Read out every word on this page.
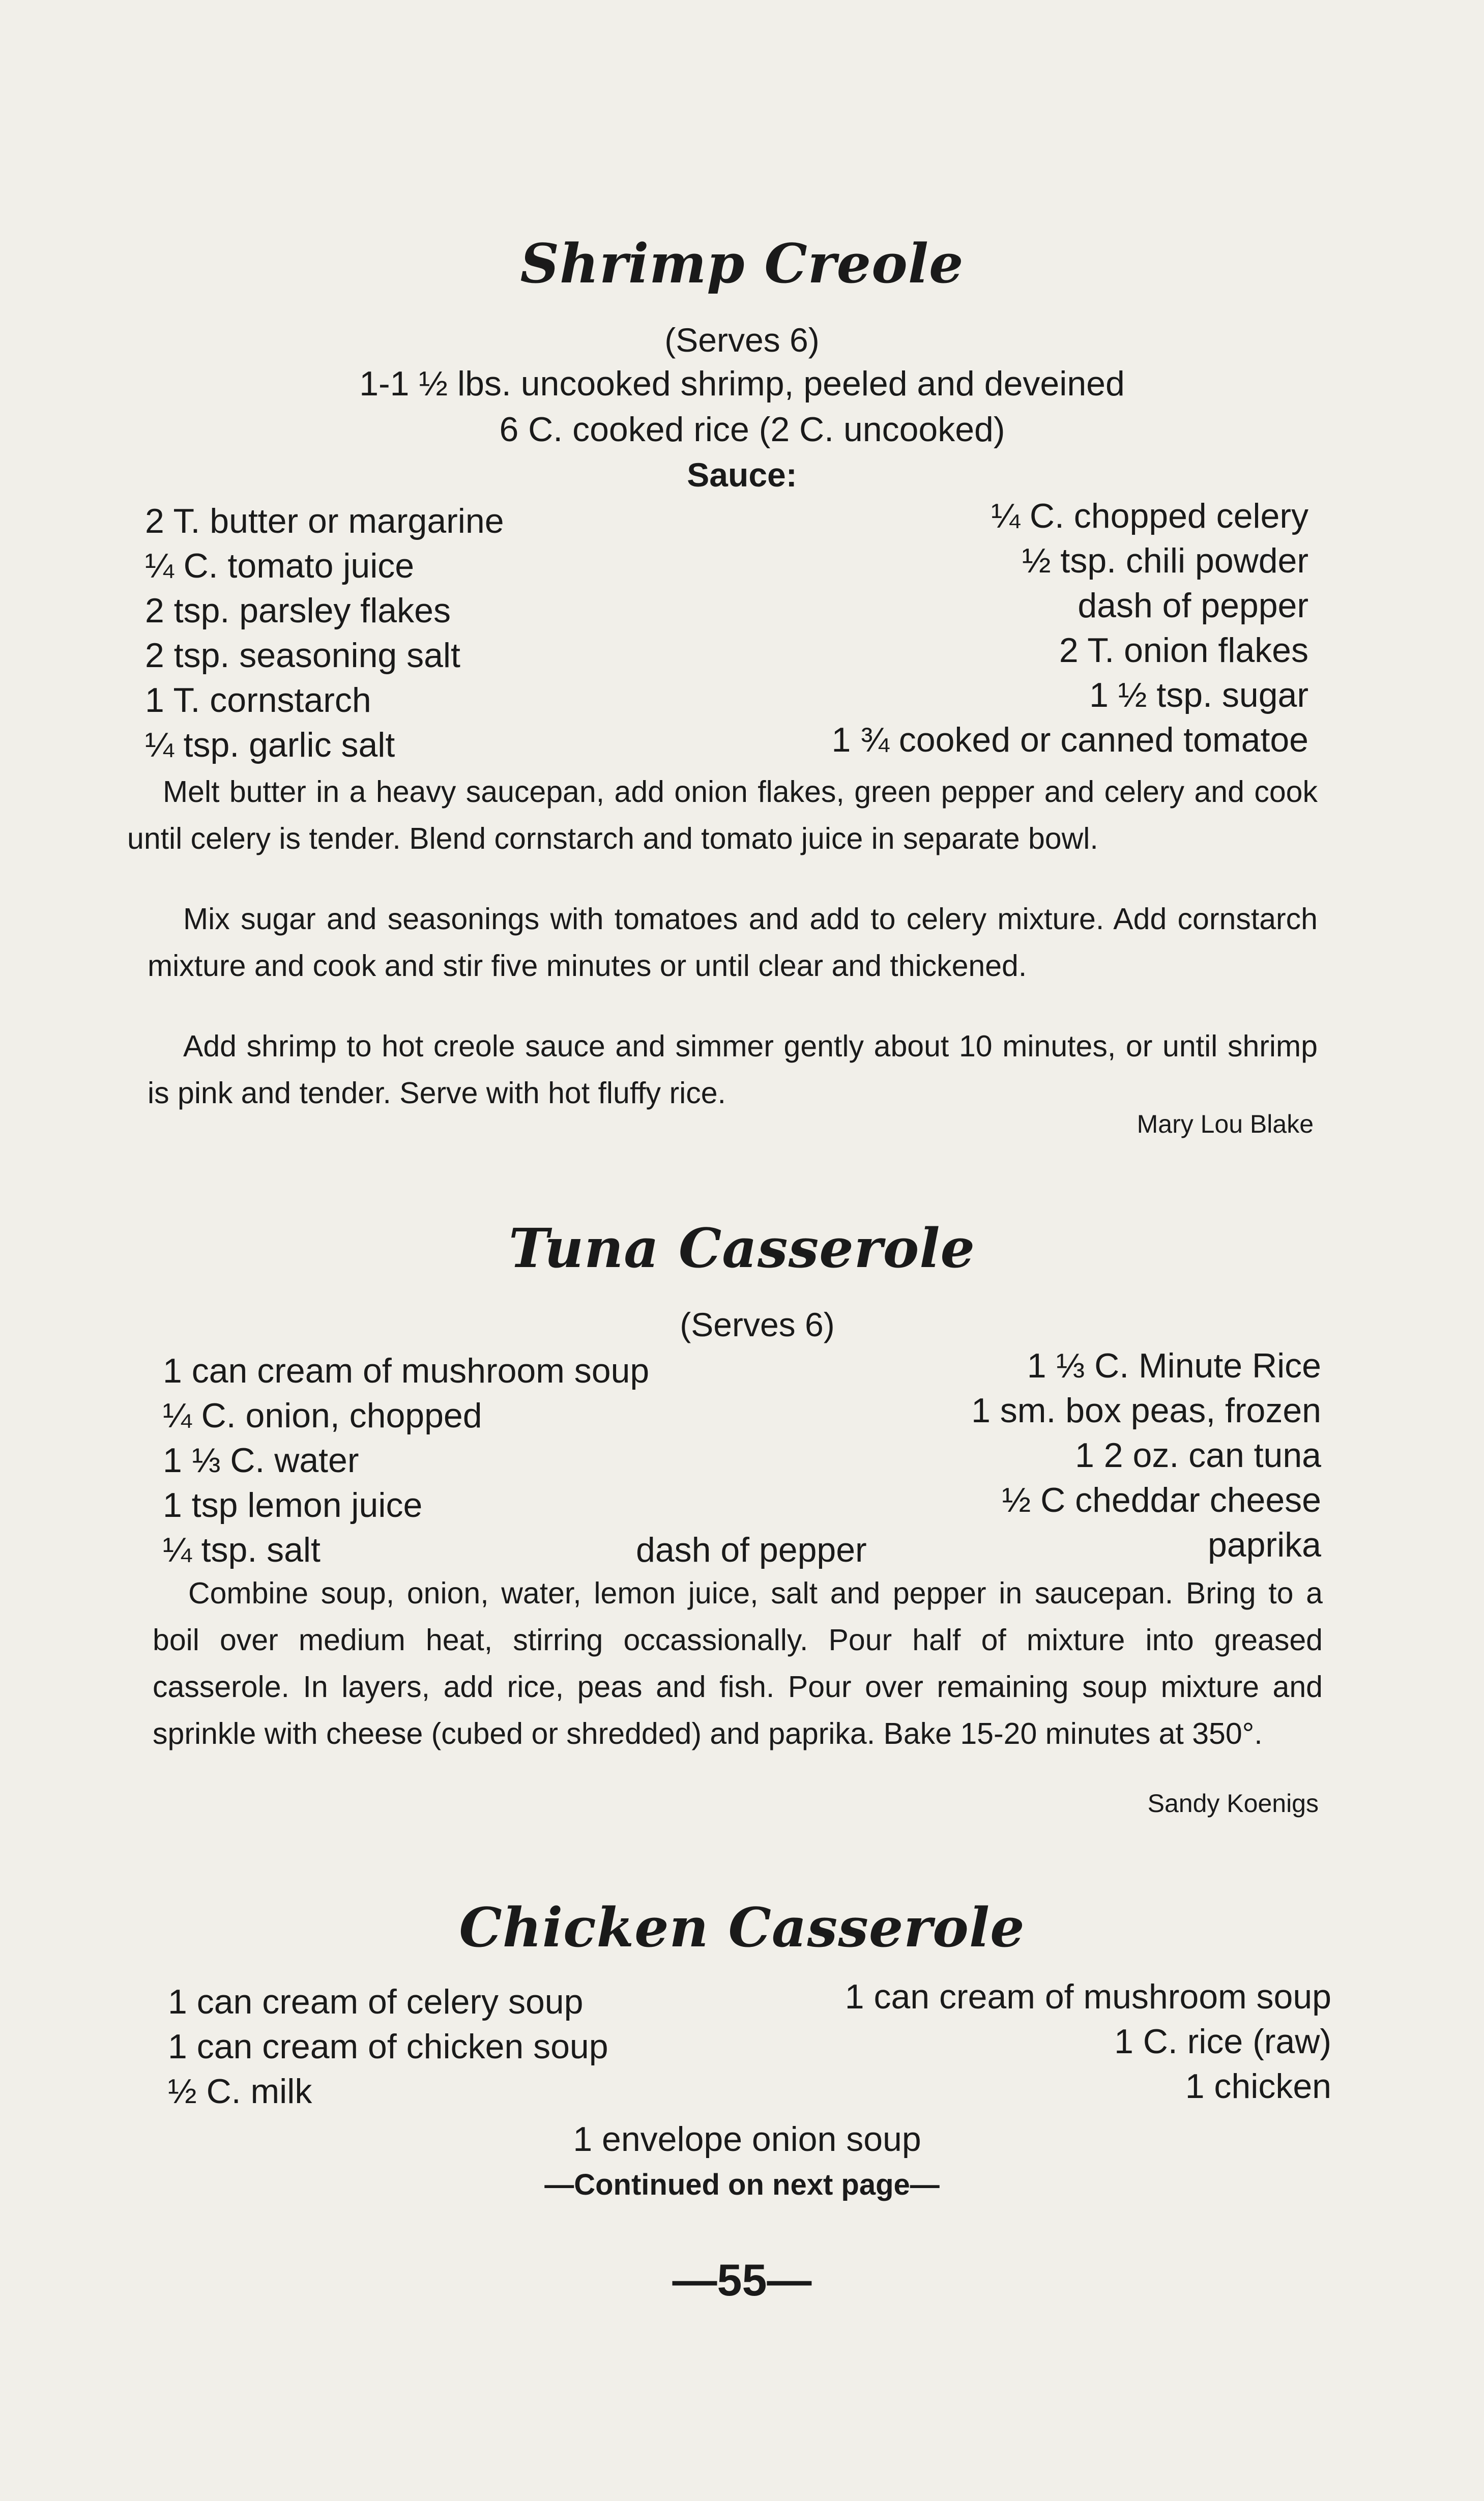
Shrimp Creole
(Serves 6)
1-1 ½ lbs. uncooked shrimp, peeled and deveined
6 C. cooked rice (2 C. uncooked)
Sauce:
2 T. butter or margarine
¼ C. tomato juice
2 tsp. parsley flakes
2 tsp. seasoning salt
1 T. cornstarch
¼ tsp. garlic salt
¼ C. chopped celery
½ tsp. chili powder
dash of pepper
2 T. onion flakes
1 ½ tsp. sugar
1 ¾ cooked or canned tomatoe

Melt butter in a heavy saucepan, add onion flakes, green pepper and celery and cook until celery is tender. Blend cornstarch and tomato juice in separate bowl.

Mix sugar and seasonings with tomatoes and add to celery mixture. Add cornstarch mixture and cook and stir five minutes or until clear and thickened.

Add shrimp to hot creole sauce and simmer gently about 10 minutes, or until shrimp is pink and tender. Serve with hot fluffy rice.

Mary Lou Blake
Tuna Casserole
(Serves 6)
1 can cream of mushroom soup
¼ C. onion, chopped
1 ⅓ C. water
1 tsp lemon juice
¼ tsp. salt
1 ⅓ C. Minute Rice
1 sm. box peas, frozen
1 2 oz. can tuna
½ C cheddar cheese
paprika
dash of pepper

Combine soup, onion, water, lemon juice, salt and pepper in saucepan. Bring to a boil over medium heat, stirring occassionally. Pour half of mixture into greased casserole. In layers, add rice, peas and fish. Pour over remaining soup mixture and sprinkle with cheese (cubed or shredded) and paprika. Bake 15-20 minutes at 350°.

Sandy Koenigs
Chicken Casserole
1 can cream of celery soup
1 can cream of chicken soup
½ C. milk
1 can cream of mushroom soup
1 C. rice (raw)
1 chicken
1 envelope onion soup
—Continued on next page—
—55—
